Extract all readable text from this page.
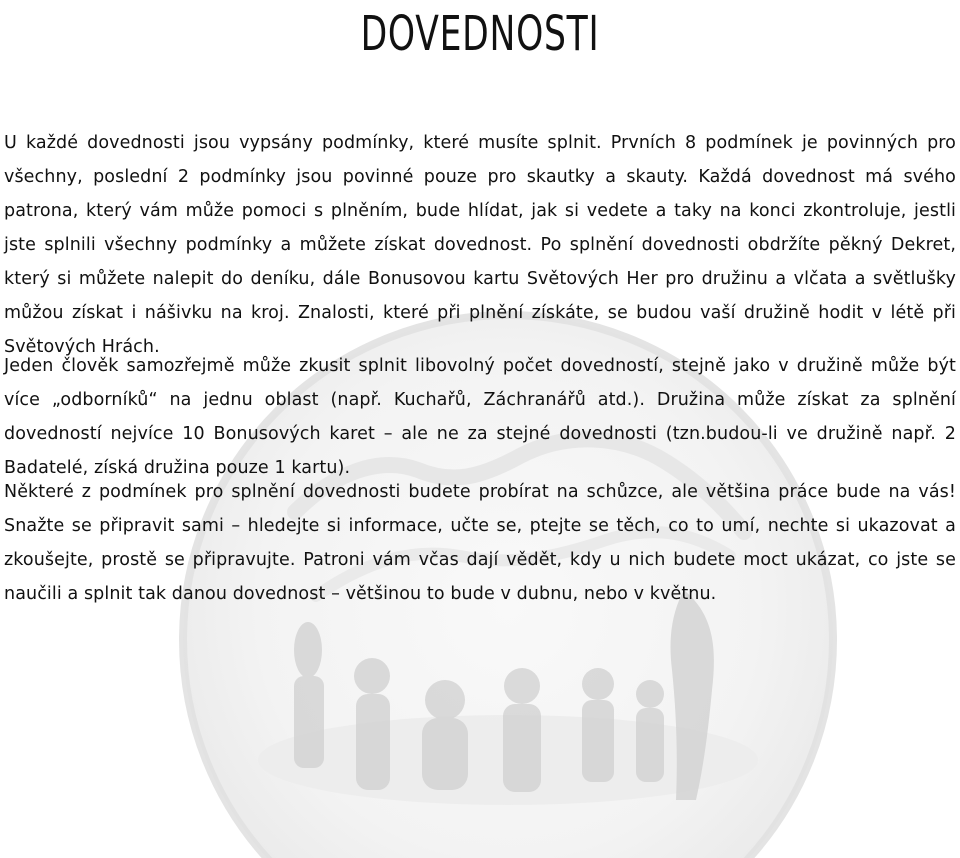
DOVEDNOSTI

U každé dovednosti jsou vypsány podmínky, které musíte splnit. Prvních 8 podmínek je povinných pro všechny, poslední 2 podmínky jsou povinné pouze pro skautky a skauty. Každá dovednost má svého patrona, který vám může pomoci s plněním, bude hlídat, jak si vedete a taky na konci zkontroluje, jestli jste splnili všechny podmínky a můžete získat dovednost. Po splnění dovednosti obdržíte pěkný Dekret, který si můžete nalepit do deníku, dále Bonusovou kartu Světových Her pro družinu a vlčata a světlušky můžou získat i nášivku na kroj. Znalosti, které při plnění získáte, se budou vaší družině hodit v létě při Světových Hrách.

Jeden člověk samozřejmě může zkusit splnit libovolný počet dovedností, stejně jako v družině může být více „odborníků“ na jednu oblast (např. Kuchařů, Záchranářů atd.). Družina může získat za splnění dovedností nejvíce 10 Bonusových karet – ale ne za stejné dovednosti (tzn.budou-li ve družině např. 2 Badatelé, získá družina pouze 1 kartu).

Některé z podmínek pro splnění dovednosti budete probírat na schůzce, ale většina práce bude na vás! Snažte se připravit sami – hledejte si informace, učte se, ptejte se těch, co to umí, nechte si ukazovat a zkoušejte, prostě se připravujte. Patroni vám včas dají vědět, kdy u nich budete moct ukázat, co jste se naučili a splnit tak danou dovednost – většinou to bude v dubnu, nebo v květnu.
